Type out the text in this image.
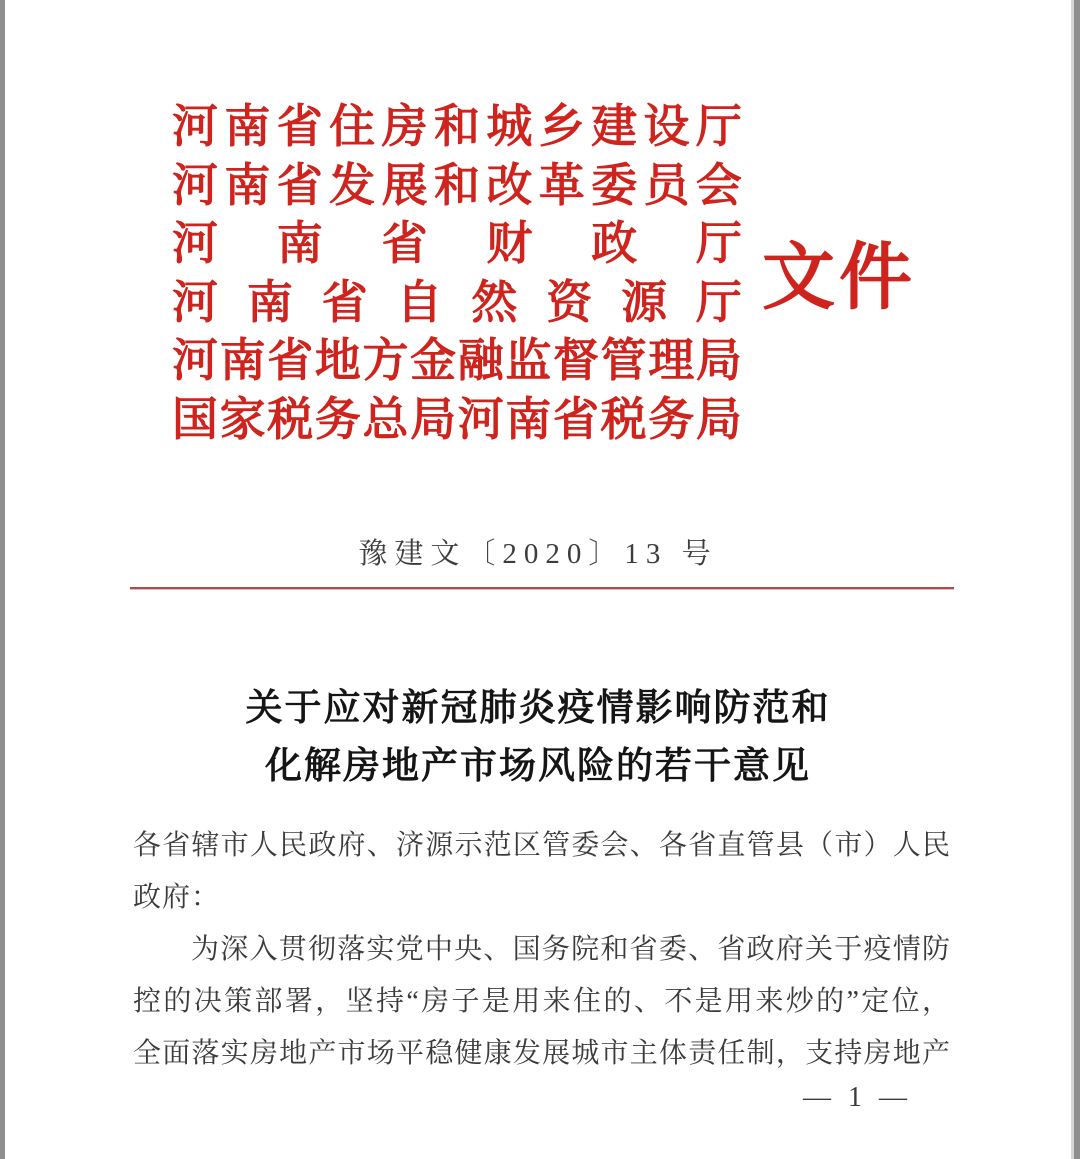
河 南 省 住 房 和 城 乡 建 设 厅
河 南 省 发 展 和 改 革 委 员 会
河 南 省 财 政 厅
河 南 省 自 然 资 源 厅
河 南 省 地 方 金 融 监 督 管 理 局
国 家 税 务 总 局 河 南 省 税 务 局
文件
豫建文〔2020〕13 号
关于应对新冠肺炎疫情影响防范和
化解房地产市场风险的若干意见
各省辖市人民政府、济源示范区管委会、各省直管县（市）人民
政府：
为深入贯彻落实党中央、国务院和省委、省政府关于疫情防
控的决策部署，坚持“房子是用来住的、不是用来炒的”定位，
全面落实房地产市场平稳健康发展城市主体责任制，支持房地产
— 1 —
